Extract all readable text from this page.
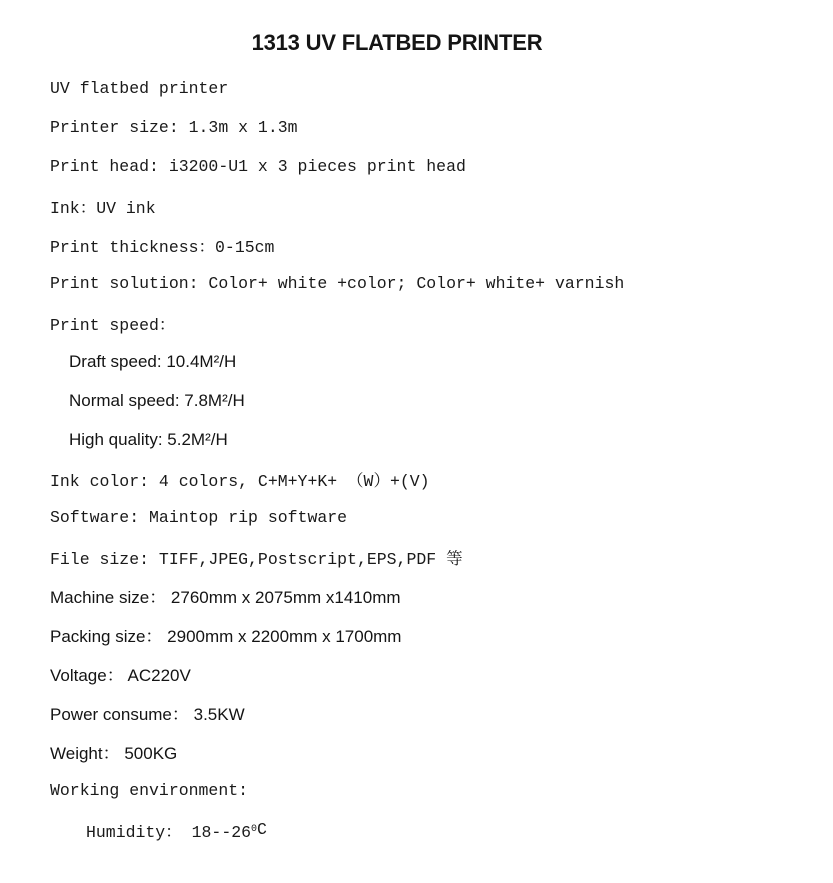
1313 UV FLATBED PRINTER
UV flatbed printer
Printer size: 1.3m x 1.3m
Print head: i3200-U1 x 3 pieces print head
Ink：UV ink
Print thickness：0-15cm
Print solution: Color+ white +color; Color+ white+ varnish
Print speed：
Draft speed: 10.4M²/H
Normal speed: 7.8M²/H
High quality: 5.2M²/H
Ink color: 4 colors, C+M+Y+K+ （W）+(V)
Software: Maintop rip software
File size: TIFF,JPEG,Postscript,EPS,PDF 等
Machine size： 2760mm x 2075mm x1410mm
Packing size： 2900mm x 2200mm x 1700mm
Voltage： AC220V
Power consume： 3.5KW
Weight： 500KG
Working environment:
Humidity： 18--26 0 C
